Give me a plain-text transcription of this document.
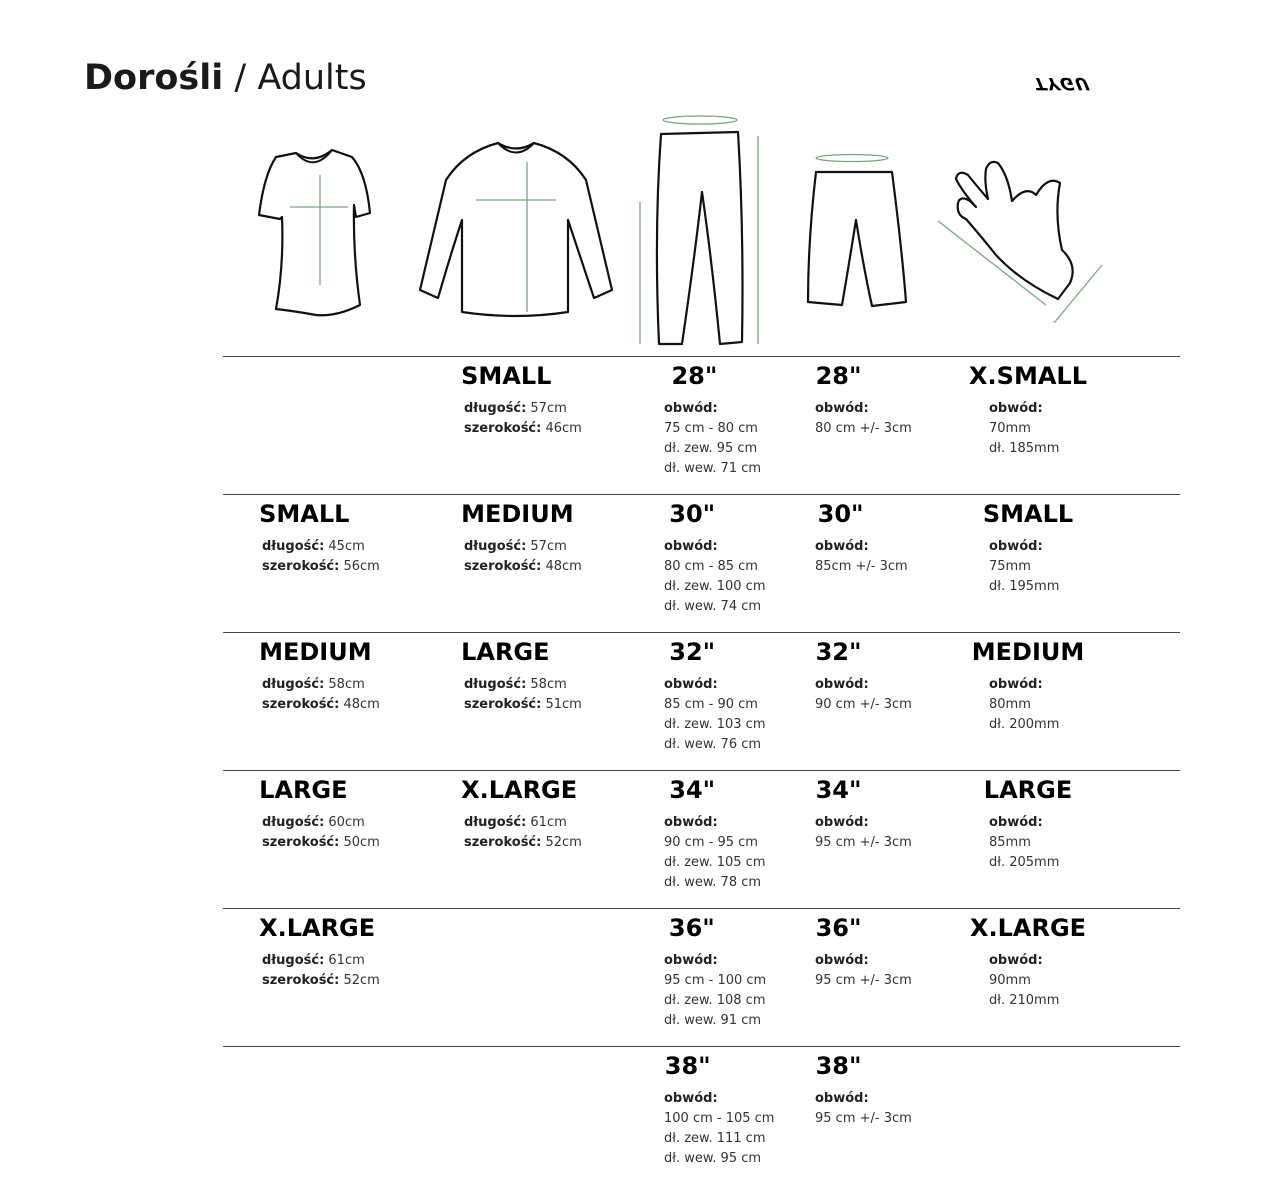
Dorośli / Adults	TYGU
SMALL
długość: 45cm
szerokość: 56cm
MEDIUM
długość: 58cm
szerokość: 48cm
LARGE
długość: 60cm
szerokość: 50cm
X.LARGE
długość: 61cm
szerokość: 52cm
SMALL
długość: 57cm
szerokość: 46cm
MEDIUM
długość: 57cm
szerokość: 48cm
LARGE
długość: 58cm
szerokość: 51cm
X.LARGE
długość: 61cm
szerokość: 52cm
28"
obwód:
75 cm - 80 cm
dł. zew. 95 cm
dł. wew. 71 cm
30"
obwód:
80 cm - 85 cm
dł. zew. 100 cm
dł. wew. 74 cm
32"
obwód:
85 cm - 90 cm
dł. zew. 103 cm
dł. wew. 76 cm
34"
obwód:
90 cm - 95 cm
dł. zew. 105 cm
dł. wew. 78 cm
36"
obwód:
95 cm - 100 cm
dł. zew. 108 cm
dł. wew. 91 cm
38"
obwód:
100 cm - 105 cm
dł. zew. 111 cm
dł. wew. 95 cm
28"
obwód:
80 cm +/- 3cm
30"
obwód:
85cm +/- 3cm
32"
obwód:
90 cm +/- 3cm
34"
obwód:
95 cm +/- 3cm
36"
obwód:
95 cm +/- 3cm
38"
obwód:
95 cm +/- 3cm
X.SMALL
obwód:
70mm
dł. 185mm
SMALL
obwód:
75mm
dł. 195mm
MEDIUM
obwód:
80mm
dł. 200mm
LARGE
obwód:
85mm
dł. 205mm
X.LARGE
obwód:
90mm
dł. 210mm
